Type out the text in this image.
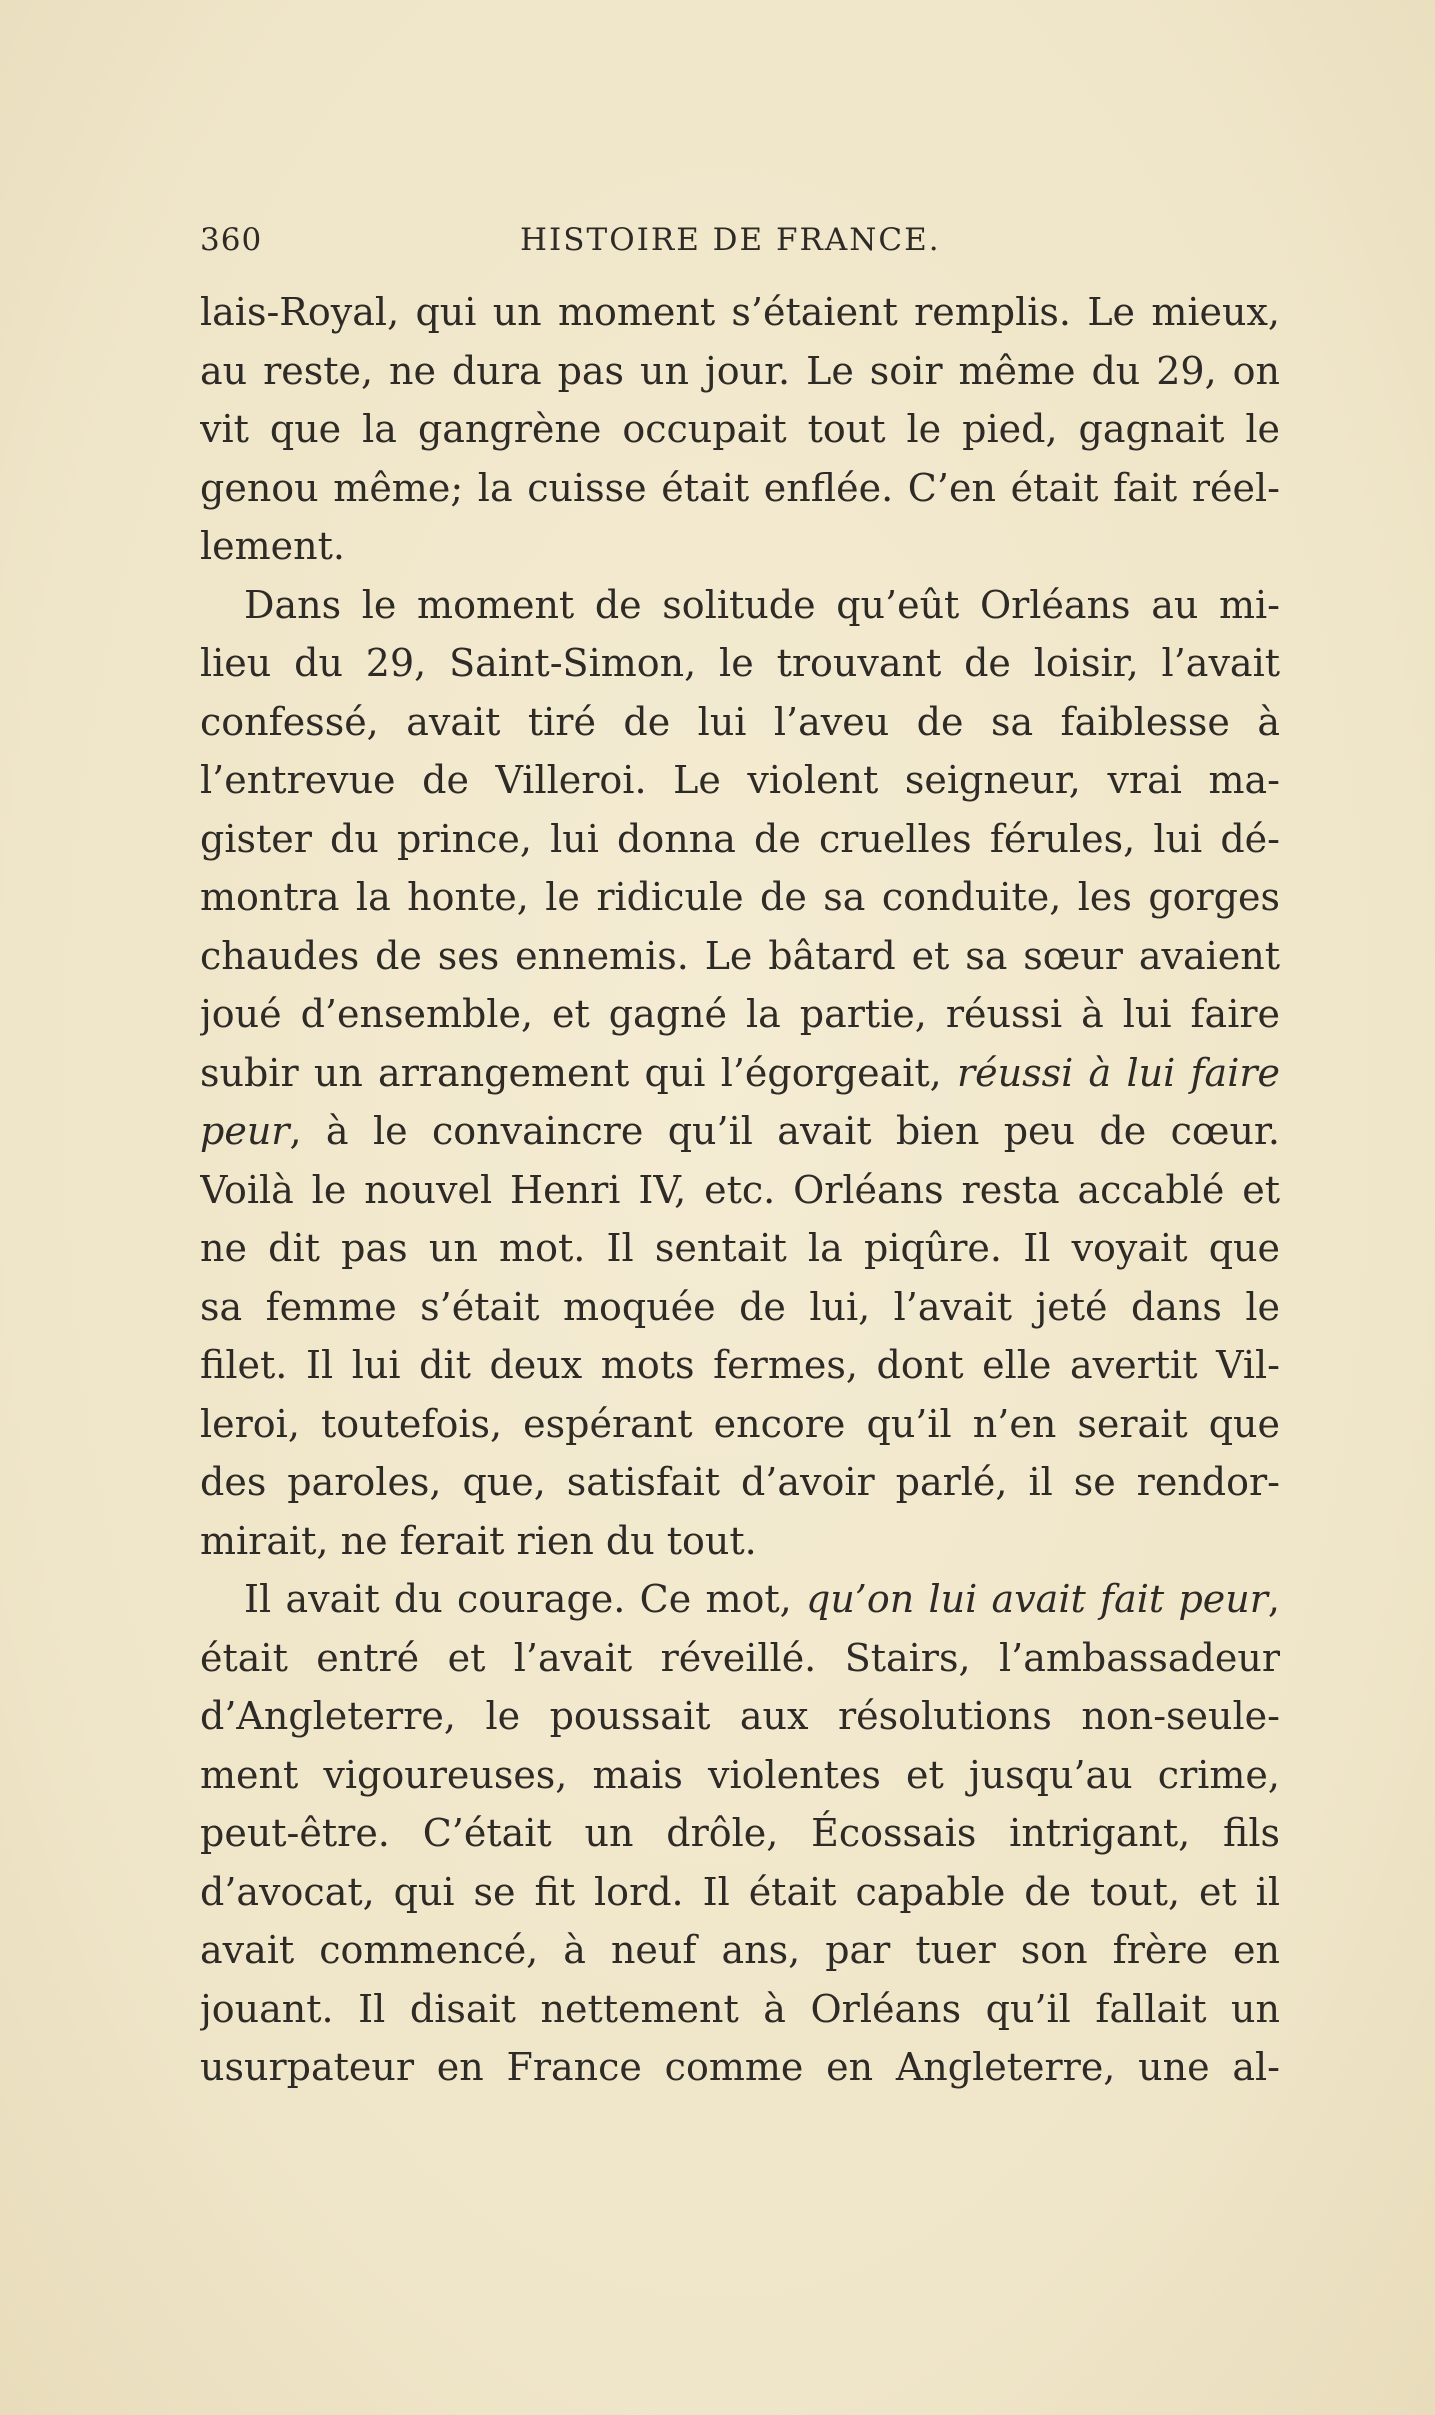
360	HISTOIRE DE FRANCE.
lais-Royal, qui un moment s’étaient remplis. Le mieux,
au reste, ne dura pas un jour. Le soir même du 29, on
vit que la gangrène occupait tout le pied, gagnait le
genou même; la cuisse était enflée. C’en était fait réel-
lement.
Dans le moment de solitude qu’eût Orléans au mi-
lieu du 29, Saint-Simon, le trouvant de loisir, l’avait
confessé, avait tiré de lui l’aveu de sa faiblesse à
l’entrevue de Villeroi. Le violent seigneur, vrai ma-
gister du prince, lui donna de cruelles férules, lui dé-
montra la honte, le ridicule de sa conduite, les gorges
chaudes de ses ennemis. Le bâtard et sa sœur avaient
joué d’ensemble, et gagné la partie, réussi à lui faire
subir un arrangement qui l’égorgeait, réussi à lui faire
peur, à le convaincre qu’il avait bien peu de cœur.
Voilà le nouvel Henri IV, etc. Orléans resta accablé et
ne dit pas un mot. Il sentait la piqûre. Il voyait que
sa femme s’était moquée de lui, l’avait jeté dans le
filet. Il lui dit deux mots fermes, dont elle avertit Vil-
leroi, toutefois, espérant encore qu’il n’en serait que
des paroles, que, satisfait d’avoir parlé, il se rendor-
mirait, ne ferait rien du tout.
Il avait du courage. Ce mot, qu’on lui avait fait peur,
était entré et l’avait réveillé. Stairs, l’ambassadeur
d’Angleterre, le poussait aux résolutions non-seule-
ment vigoureuses, mais violentes et jusqu’au crime,
peut-être. C’était un drôle, Écossais intrigant, fils
d’avocat, qui se fit lord. Il était capable de tout, et il
avait commencé, à neuf ans, par tuer son frère en
jouant. Il disait nettement à Orléans qu’il fallait un
usurpateur en France comme en Angleterre, une al-
